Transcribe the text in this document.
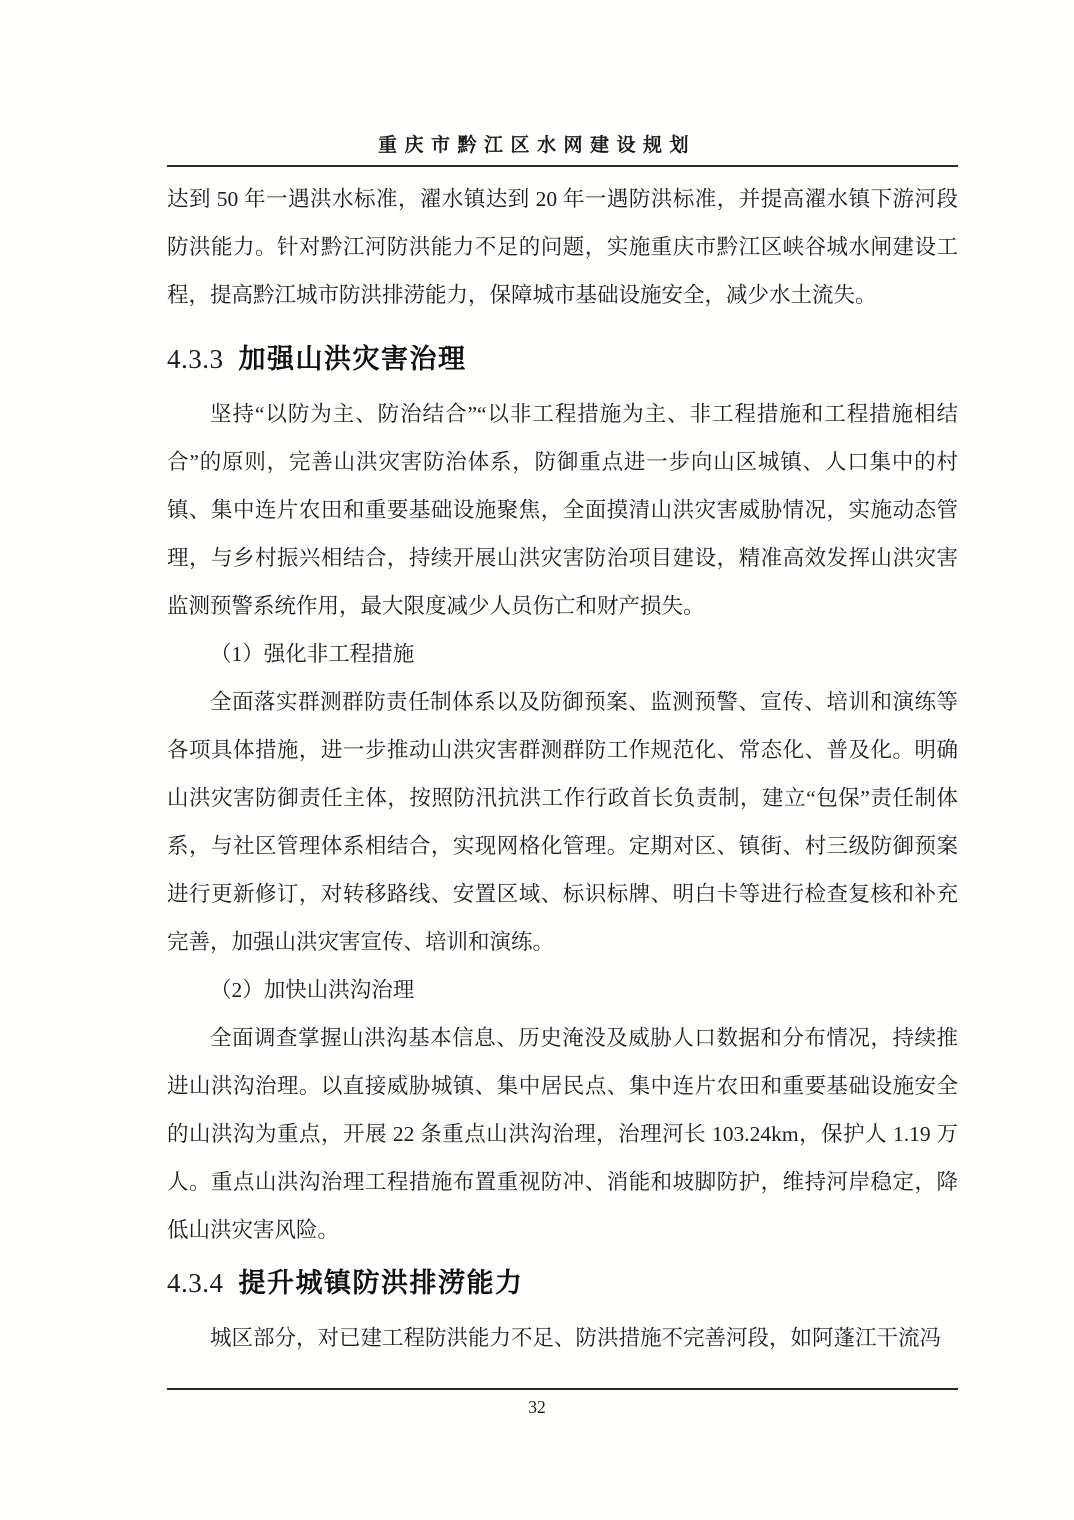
重庆市黔江区水网建设规划

达到 50 年一遇洪水标准，濯水镇达到 20 年一遇防洪标准，并提高濯水镇下游河段防洪能力。针对黔江河防洪能力不足的问题，实施重庆市黔江区峡谷城水闸建设工程，提高黔江城市防洪排涝能力，保障城市基础设施安全，减少水土流失。

4.3.3 加强山洪灾害治理

坚持“以防为主、防治结合”“以非工程措施为主、非工程措施和工程措施相结合”的原则，完善山洪灾害防治体系，防御重点进一步向山区城镇、人口集中的村镇、集中连片农田和重要基础设施聚焦，全面摸清山洪灾害威胁情况，实施动态管理，与乡村振兴相结合，持续开展山洪灾害防治项目建设，精准高效发挥山洪灾害监测预警系统作用，最大限度减少人员伤亡和财产损失。

（1）强化非工程措施

全面落实群测群防责任制体系以及防御预案、监测预警、宣传、培训和演练等各项具体措施，进一步推动山洪灾害群测群防工作规范化、常态化、普及化。明确山洪灾害防御责任主体，按照防汛抗洪工作行政首长负责制，建立“包保”责任制体系，与社区管理体系相结合，实现网格化管理。定期对区、镇街、村三级防御预案进行更新修订，对转移路线、安置区域、标识标牌、明白卡等进行检查复核和补充完善，加强山洪灾害宣传、培训和演练。

（2）加快山洪沟治理

全面调查掌握山洪沟基本信息、历史淹没及威胁人口数据和分布情况，持续推进山洪沟治理。以直接威胁城镇、集中居民点、集中连片农田和重要基础设施安全的山洪沟为重点，开展 22 条重点山洪沟治理，治理河长 103.24km，保护人 1.19 万人。重点山洪沟治理工程措施布置重视防冲、消能和坡脚防护，维持河岸稳定，降低山洪灾害风险。

4.3.4 提升城镇防洪排涝能力

城区部分，对已建工程防洪能力不足、防洪措施不完善河段，如阿蓬江干流冯

32
